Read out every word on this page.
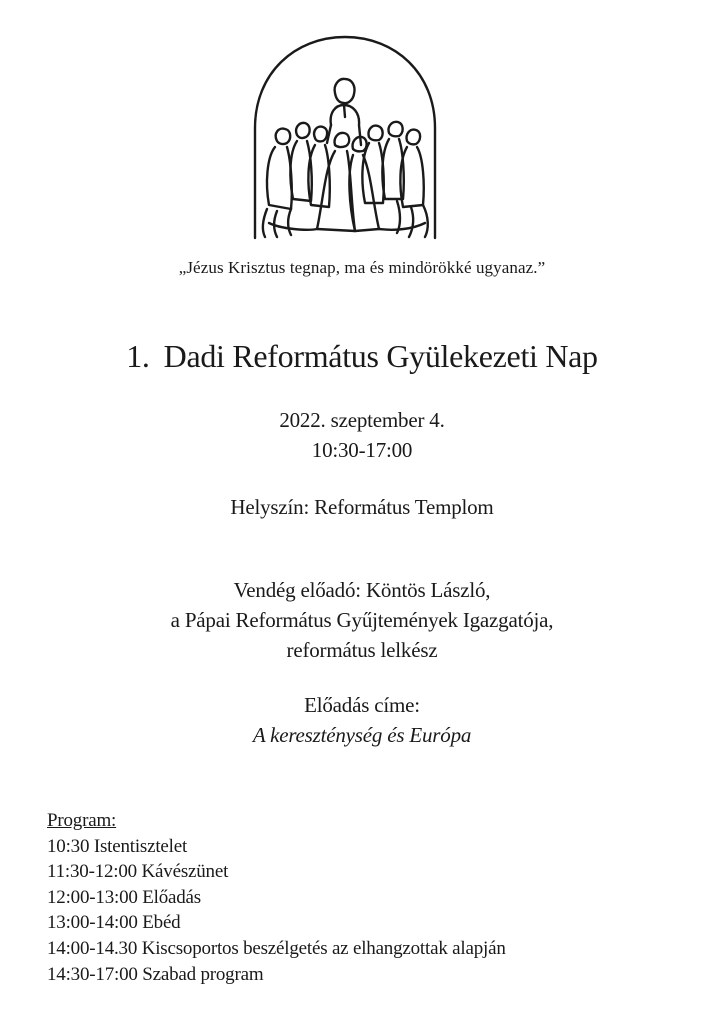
„Jézus Krisztus tegnap, ma és mindörökké ugyanaz.”
1. Dadi Református Gyülekezeti Nap
2022. szeptember 4.
10:30-17:00
Helyszín: Református Templom
Vendég előadó: Köntös László,
a Pápai Református Gyűjtemények Igazgatója,
református lelkész
Előadás címe:
A kereszténység és Európa
Program:
10:30 Istentisztelet
11:30-12:00 Kávészünet
12:00-13:00 Előadás
13:00-14:00 Ebéd
14:00-14.30 Kiscsoportos beszélgetés az elhangzottak alapján
14:30-17:00 Szabad program
